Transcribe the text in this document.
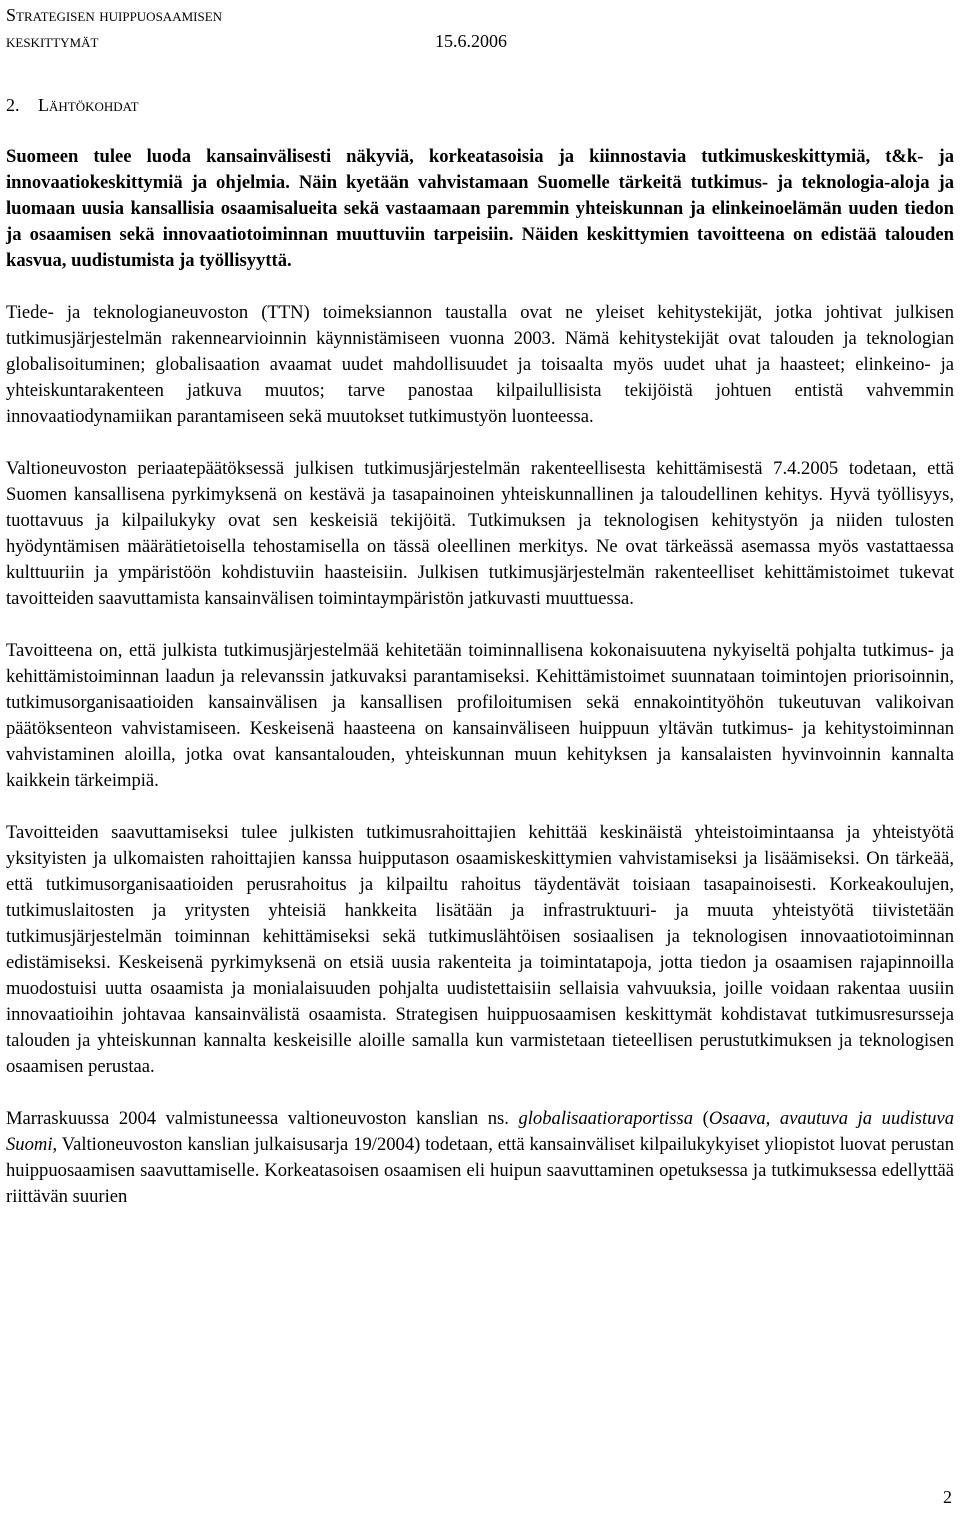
Strategisen huippuosaamisen
keskittymät	15.6.2006
2. Lähtökohdat

Suomeen tulee luoda kansainvälisesti näkyviä, korkeatasoisia ja kiinnostavia tutkimuskeskittymiä, t&k- ja innovaatiokeskittymiä ja ohjelmia. Näin kyetään vahvistamaan Suomelle tärkeitä tutkimus- ja teknologia-aloja ja luomaan uusia kansallisia osaamisalueita sekä vastaamaan paremmin yhteiskunnan ja elinkeinoelämän uuden tiedon ja osaamisen sekä innovaatiotoiminnan muuttuviin tarpeisiin. Näiden keskittymien tavoitteena on edistää talouden kasvua, uudistumista ja työllisyyttä.

Tiede- ja teknologianeuvoston (TTN) toimeksiannon taustalla ovat ne yleiset kehitystekijät, jotka johtivat julkisen tutkimusjärjestelmän rakennearvioinnin käynnistämiseen vuonna 2003. Nämä kehitystekijät ovat talouden ja teknologian globalisoituminen; globalisaation avaamat uudet mahdollisuudet ja toisaalta myös uudet uhat ja haasteet; elinkeino- ja yhteiskuntarakenteen jatkuva muutos; tarve panostaa kilpailullisista tekijöistä johtuen entistä vahvemmin innovaatiodynamiikan parantamiseen sekä muutokset tutkimustyön luonteessa.

Valtioneuvoston periaatepäätöksessä julkisen tutkimusjärjestelmän rakenteellisesta kehittämisestä 7.4.2005 todetaan, että Suomen kansallisena pyrkimyksenä on kestävä ja tasapainoinen yhteiskunnallinen ja taloudellinen kehitys. Hyvä työllisyys, tuottavuus ja kilpailukyky ovat sen keskeisiä tekijöitä. Tutkimuksen ja teknologisen kehitystyön ja niiden tulosten hyödyntämisen määrätietoisella tehostamisella on tässä oleellinen merkitys. Ne ovat tärkeässä asemassa myös vastattaessa kulttuuriin ja ympäristöön kohdistuviin haasteisiin. Julkisen tutkimusjärjestelmän rakenteelliset kehittämistoimet tukevat tavoitteiden saavuttamista kansainvälisen toimintaympäristön jatkuvasti muuttuessa.

Tavoitteena on, että julkista tutkimusjärjestelmää kehitetään toiminnallisena kokonaisuutena nykyiseltä pohjalta tutkimus- ja kehittämistoiminnan laadun ja relevanssin jatkuvaksi parantamiseksi. Kehittämistoimet suunnataan toimintojen priorisoinnin, tutkimusorganisaatioiden kansainvälisen ja kansallisen profiloitumisen sekä ennakointityöhön tukeutuvan valikoivan päätöksenteon vahvistamiseen. Keskeisenä haasteena on kansainväliseen huippuun yltävän tutkimus- ja kehitystoiminnan vahvistaminen aloilla, jotka ovat kansantalouden, yhteiskunnan muun kehityksen ja kansalaisten hyvinvoinnin kannalta kaikkein tärkeimpiä.

Tavoitteiden saavuttamiseksi tulee julkisten tutkimusrahoittajien kehittää keskinäistä yhteistoimintaansa ja yhteistyötä yksityisten ja ulkomaisten rahoittajien kanssa huipputason osaamiskeskittymien vahvistamiseksi ja lisäämiseksi. On tärkeää, että tutkimusorganisaatioiden perusrahoitus ja kilpailtu rahoitus täydentävät toisiaan tasapainoisesti. Korkeakoulujen, tutkimuslaitosten ja yritysten yhteisiä hankkeita lisätään ja infrastruktuuri- ja muuta yhteistyötä tiivistetään tutkimusjärjestelmän toiminnan kehittämiseksi sekä tutkimuslähtöisen sosiaalisen ja teknologisen innovaatiotoiminnan edistämiseksi. Keskeisenä pyrkimyksenä on etsiä uusia rakenteita ja toimintatapoja, jotta tiedon ja osaamisen rajapinnoilla muodostuisi uutta osaamista ja monialaisuuden pohjalta uudistettaisiin sellaisia vahvuuksia, joille voidaan rakentaa uusiin innovaatioihin johtavaa kansainvälistä osaamista. Strategisen huippuosaamisen keskittymät kohdistavat tutkimusresursseja talouden ja yhteiskunnan kannalta keskeisille aloille samalla kun varmistetaan tieteellisen perustutkimuksen ja teknologisen osaamisen perustaa.

Marraskuussa 2004 valmistuneessa valtioneuvoston kanslian ns. globalisaatioraportissa (Osaava, avautuva ja uudistuva Suomi, Valtioneuvoston kanslian julkaisusarja 19/2004) todetaan, että kansainväliset kilpailukykyiset yliopistot luovat perustan huippuosaamisen saavuttamiselle. Korkeatasoisen osaamisen eli huipun saavuttaminen opetuksessa ja tutkimuksessa edellyttää riittävän suurien

2
